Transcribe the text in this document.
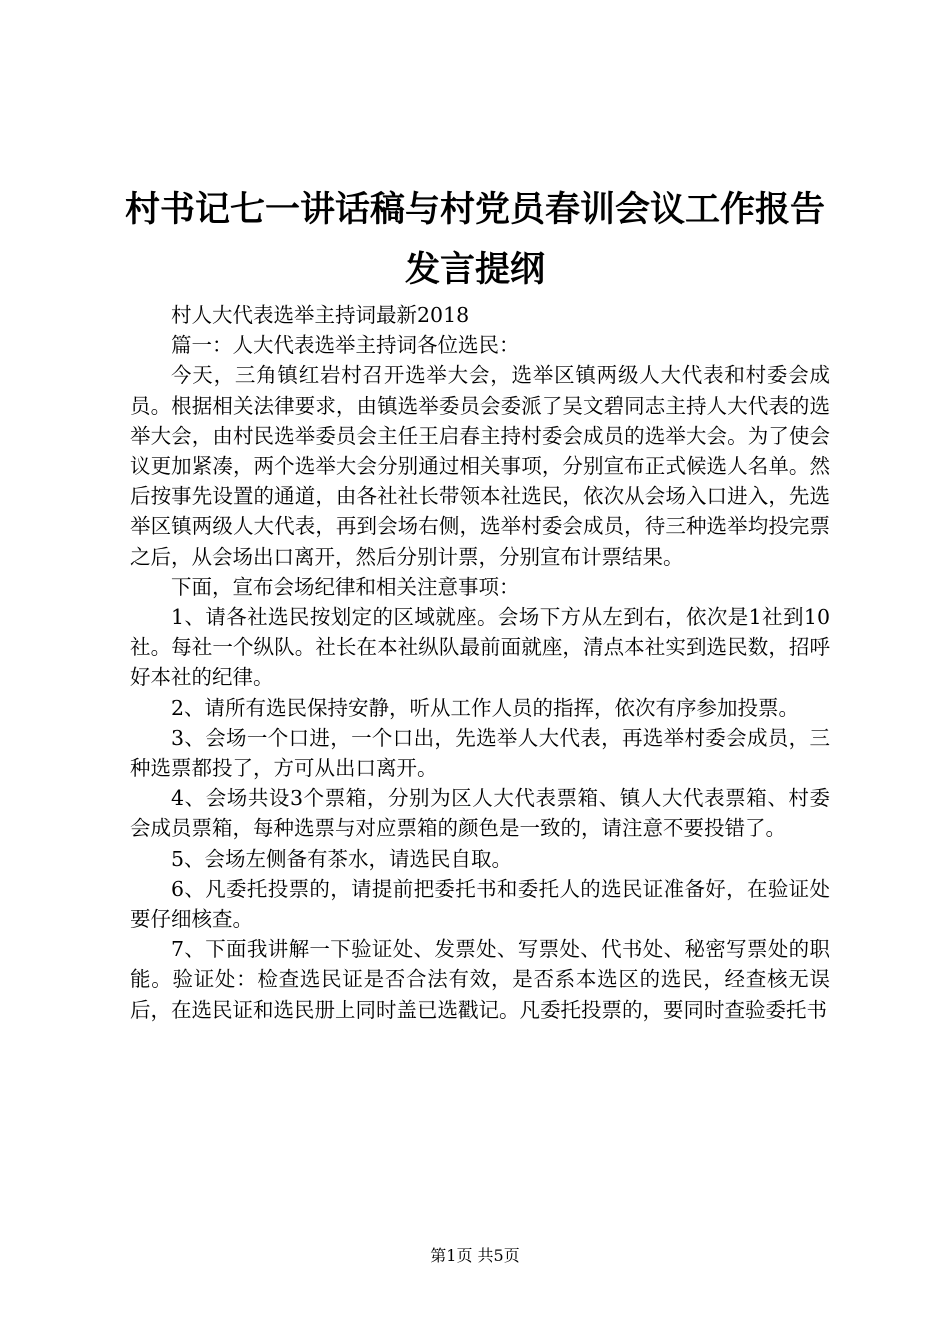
村书记七一讲话稿与村党员春训会议工作报告
发言提纲

村人大代表选举主持词最新2018

篇一：人大代表选举主持词各位选民：

今天，三角镇红岩村召开选举大会，选举区镇两级人大代表和村委会成员。根据相关法律要求，由镇选举委员会委派了吴文碧同志主持人大代表的选举大会，由村民选举委员会主任王启春主持村委会成员的选举大会。为了使会议更加紧凑，两个选举大会分别通过相关事项，分别宣布正式候选人名单。然后按事先设置的通道，由各社社长带领本社选民，依次从会场入口进入，先选举区镇两级人大代表，再到会场右侧，选举村委会成员，待三种选举均投完票之后，从会场出口离开，然后分别计票，分别宣布计票结果。

下面，宣布会场纪律和相关注意事项：

1、请各社选民按划定的区域就座。会场下方从左到右，依次是1社到10社。每社一个纵队。社长在本社纵队最前面就座，清点本社实到选民数，招呼好本社的纪律。

2、请所有选民保持安静，听从工作人员的指挥，依次有序参加投票。

3、会场一个口进，一个口出，先选举人大代表，再选举村委会成员，三种选票都投了，方可从出口离开。

4、会场共设3个票箱，分别为区人大代表票箱、镇人大代表票箱、村委会成员票箱，每种选票与对应票箱的颜色是一致的，请注意不要投错了。

5、会场左侧备有茶水，请选民自取。

6、凡委托投票的，请提前把委托书和委托人的选民证准备好，在验证处要仔细核查。

7、下面我讲解一下验证处、发票处、写票处、代书处、秘密写票处的职能。验证处：检查选民证是否合法有效，是否系本选区的选民，经查核无误后，在选民证和选民册上同时盖已选戳记。凡委托投票的，要同时查验委托书

第1页 共5页
